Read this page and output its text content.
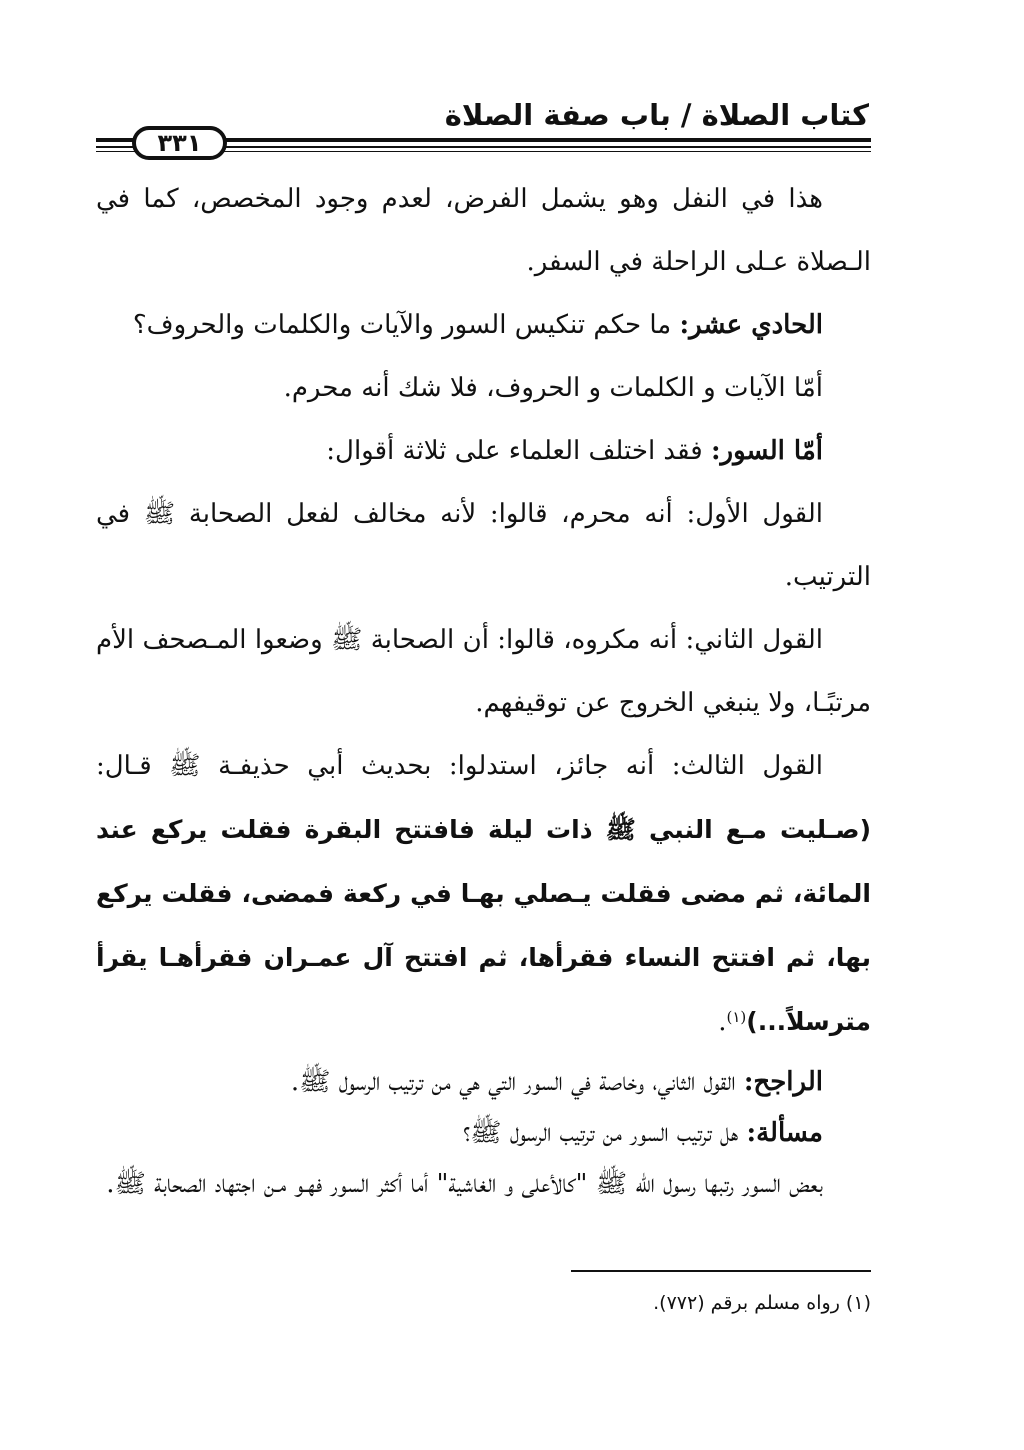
كتاب الصلاة / باب صفة الصلاة
٣٣١

هذا في النفل وهو يشمل الفرض، لعدم وجود المخصص، كما في الـصلاة عـلى الراحلة في السفر.

الحادي عشر: ما حكم تنكيس السور والآيات والكلمات والحروف؟

أمّا الآيات و الكلمات و الحروف، فلا شك أنه محرم.

أمّا السور: فقد اختلف العلماء على ثلاثة أقوال:

القول الأول: أنه محرم، قالوا: لأنه مخالف لفعل الصحابة ﷺ في الترتيب.

القول الثاني: أنه مكروه، قالوا: أن الصحابة ﷺ وضعوا المـصحف الأم مرتبًـا، ولا ينبغي الخروج عن توقيفهم.

القول الثالث: أنه جائز، استدلوا: بحديث أبي حذيفـة ﷺ قـال: (صـليت مـع النبي ﷺ ذات ليلة فافتتح البقرة فقلت يركع عند المائة، ثم مضى فقلت يـصلي بهـا في ركعة فمضى، فقلت يركع بها، ثم افتتح النساء فقرأها، ثم افتتح آل عمـران فقرأهـا يقرأ مترسلاً...)$^{(١)}$.

الراجح: القول الثاني، وخاصة في السور التي هي من ترتيب الرسول ﷺ.

مسألة: هل ترتيب السور من ترتيب الرسول ﷺ؟

بعض السور رتبها رسول الله ﷺ "كالأعلى و الغاشية" أما أكثر السور فهـو مـن اجتهاد الصحابة ﷺ.

(١) رواه مسلم برقم (٧٧٢).
